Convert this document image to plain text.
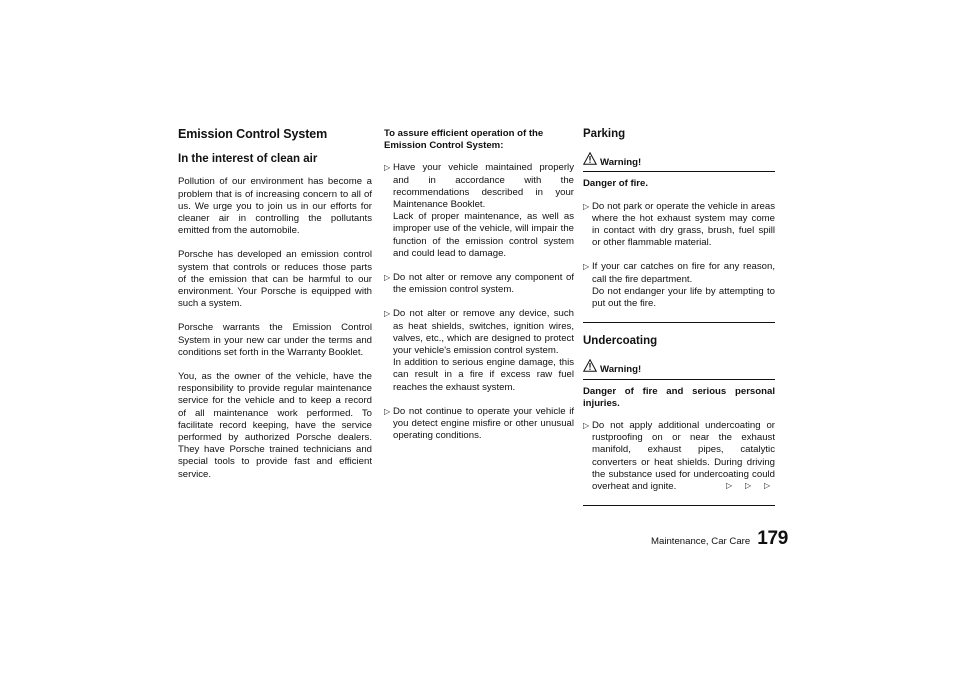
Emission Control System
In the interest of clean air

Pollution of our environment has become a problem that is of increasing concern to all of us. We urge you to join us in our efforts for cleaner air in controlling the pollutants emitted from the automobile.

Porsche has developed an emission control system that controls or reduces those parts of the emission that can be harmful to our environment. Your Porsche is equipped with such a system.

Porsche warrants the Emission Control System in your new car under the terms and conditions set forth in the Warranty Booklet.

You, as the owner of the vehicle, have the responsibility to provide regular maintenance service for the vehicle and to keep a record of all maintenance work performed. To facilitate record keeping, have the service performed by authorized Porsche dealers. They have Porsche trained technicians and special tools to provide fast and efficient service.

To assure efficient operation of the Emission Control System:
▷ Have your vehicle maintained properly and in accordance with the recommendations described in your Maintenance Booklet.
Lack of proper maintenance, as well as improper use of the vehicle, will impair the function of the emission control system and could lead to damage.
▷ Do not alter or remove any component of the emission control system.
▷ Do not alter or remove any device, such as heat shields, switches, ignition wires, valves, etc., which are designed to protect your vehicle's emission control system.
In addition to serious engine damage, this can result in a fire if excess raw fuel reaches the exhaust system.
▷ Do not continue to operate your vehicle if you detect engine misfire or other unusual operating conditions.
Parking
Warning!
Danger of fire.
▷ Do not park or operate the vehicle in areas where the hot exhaust system may come in contact with dry grass, brush, fuel spill or other flammable material.
▷ If your car catches on fire for any reason, call the fire department.
Do not endanger your life by attempting to put out the fire.
Undercoating
Warning!
Danger of fire and serious personal injuries.
▷ Do not apply additional undercoating or rustproofing on or near the exhaust manifold, exhaust pipes, catalytic converters or heat shields. During driving the substance used for undercoating could overheat and ignite.	▷ ▷ ▷
Maintenance, Car Care 179
